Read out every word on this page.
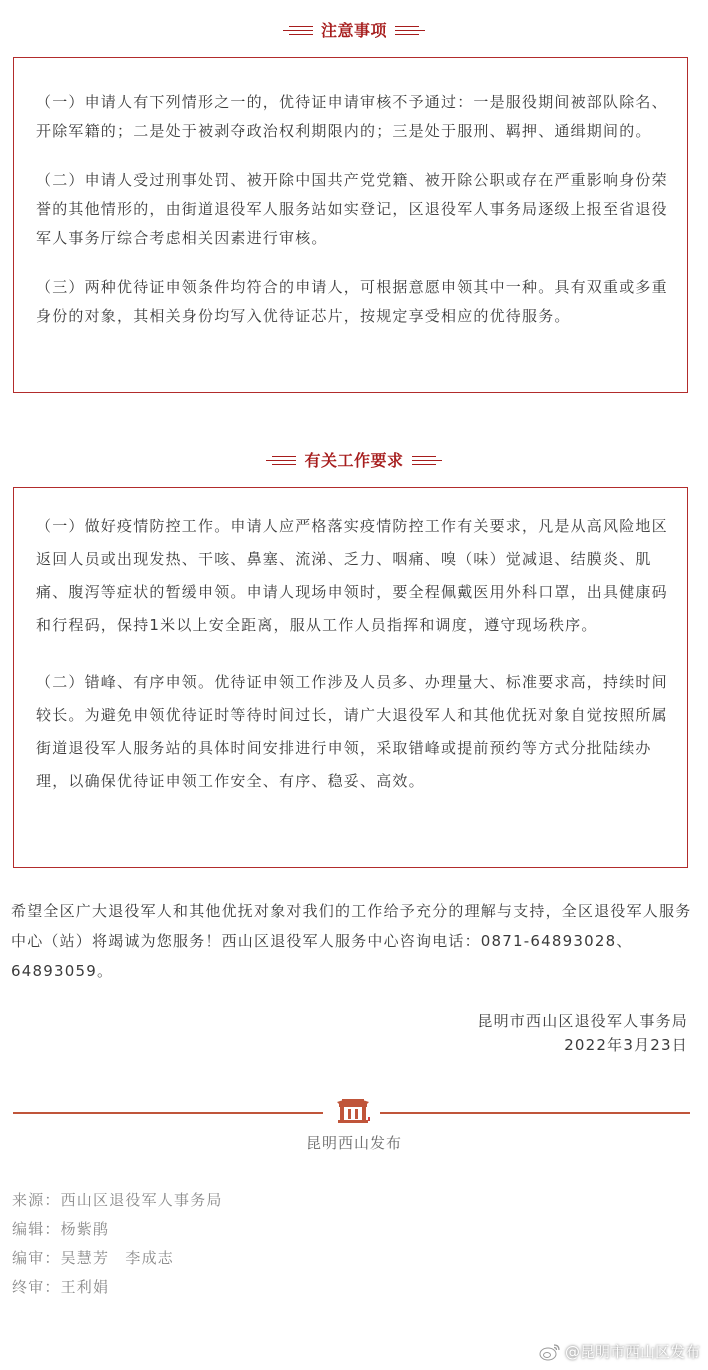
注意事项

（一）申请人有下列情形之一的，优待证申请审核不予通过：一是服役期间被部队除名、开除军籍的；二是处于被剥夺政治权利期限内的；三是处于服刑、羁押、通缉期间的。

（二）申请人受过刑事处罚、被开除中国共产党党籍、被开除公职或存在严重影响身份荣誉的其他情形的，由街道退役军人服务站如实登记，区退役军人事务局逐级上报至省退役军人事务厅综合考虑相关因素进行审核。

（三）两种优待证申领条件均符合的申请人，可根据意愿申领其中一种。具有双重或多重身份的对象，其相关身份均写入优待证芯片，按规定享受相应的优待服务。

有关工作要求

（一）做好疫情防控工作。申请人应严格落实疫情防控工作有关要求，凡是从高风险地区返回人员或出现发热、干咳、鼻塞、流涕、乏力、咽痛、嗅（味）觉减退、结膜炎、肌痛、腹泻等症状的暂缓申领。申请人现场申领时，要全程佩戴医用外科口罩，出具健康码和行程码，保持1米以上安全距离，服从工作人员指挥和调度，遵守现场秩序。

（二）错峰、有序申领。优待证申领工作涉及人员多、办理量大、标准要求高，持续时间较长。为避免申领优待证时等待时间过长，请广大退役军人和其他优抚对象自觉按照所属街道退役军人服务站的具体时间安排进行申领，采取错峰或提前预约等方式分批陆续办理，以确保优待证申领工作安全、有序、稳妥、高效。

希望全区广大退役军人和其他优抚对象对我们的工作给予充分的理解与支持，全区退役军人服务中心（站）将竭诚为您服务！西山区退役军人服务中心咨询电话：0871-64893028、64893059。

昆明市西山区退役军人事务局
2022年3月23日
昆明西山发布
来源：西山区退役军人事务局
编辑：杨紫鹃
编审：吴慧芳　李成志
终审：王利娟
@昆明市西山区发布
